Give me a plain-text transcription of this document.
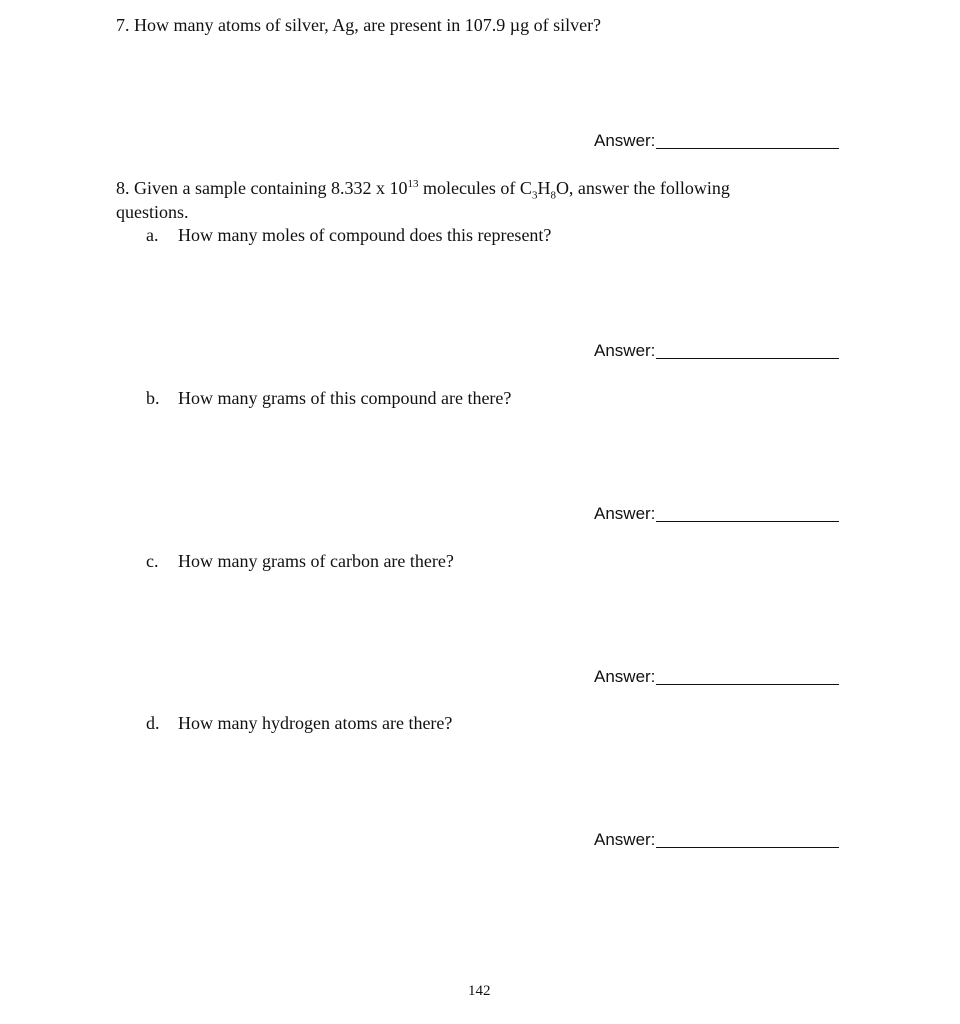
7. How many atoms of silver, Ag, are present in 107.9 µg of silver?
Answer:
8. Given a sample containing 8.332 x $10^{13}$ molecules of $C_3H_8O$, answer the following
questions.
a. How many moles of compound does this represent?
Answer:
b. How many grams of this compound are there?
Answer:
c. How many grams of carbon are there?
Answer:
d. How many hydrogen atoms are there?
Answer:
142
